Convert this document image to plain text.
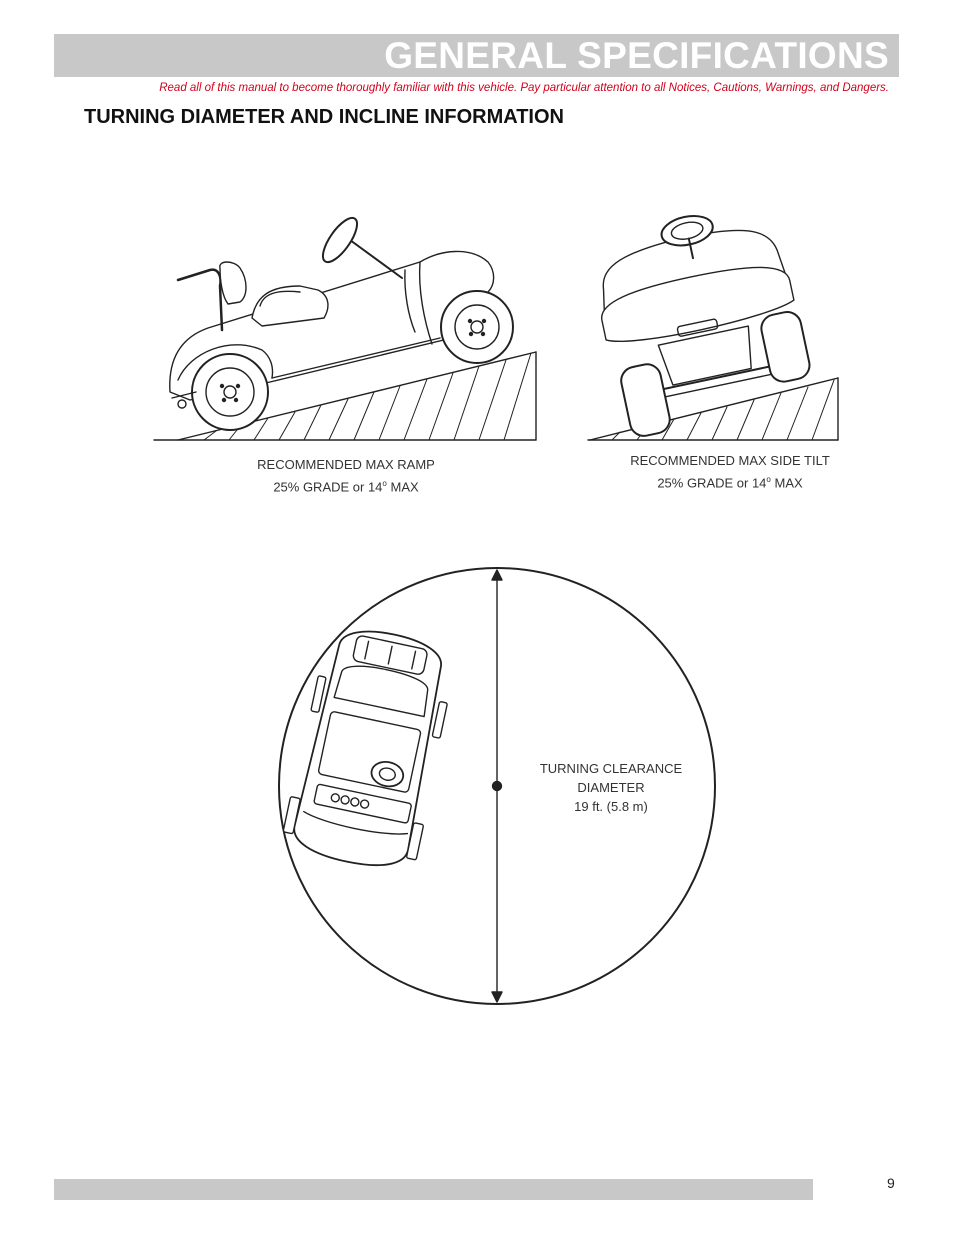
GENERAL SPECIFICATIONS
Read all of this manual to become thoroughly familiar with this vehicle. Pay particular attention to all Notices, Cautions, Warnings, and Dangers.
TURNING DIAMETER AND INCLINE INFORMATION
RECOMMENDED MAX RAMP
25% GRADE or 14$^o$ MAX
RECOMMENDED MAX SIDE TILT
25% GRADE or 14$^o$ MAX
TURNING CLEARANCE
DIAMETER
19 ft. (5.8 m)
9
